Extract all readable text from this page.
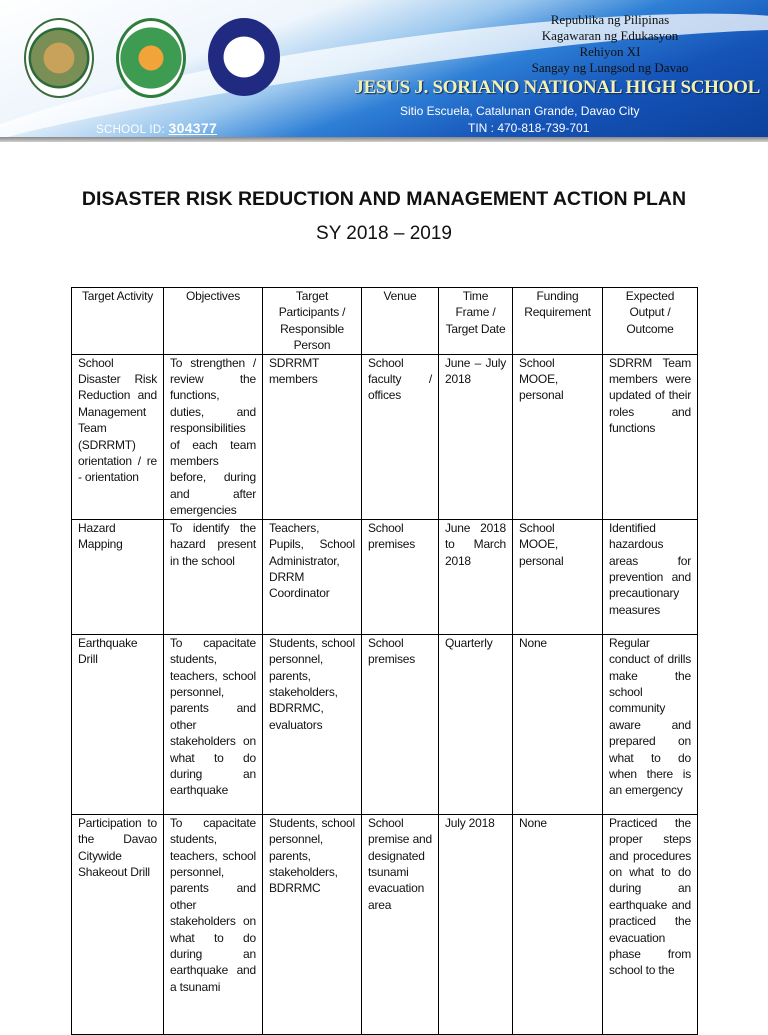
Republika ng Pilipinas
Kagawaran ng Edukasyon
Rehiyon XI
Sangay ng Lungsod ng Davao
JESUS J. SORIANO NATIONAL HIGH SCHOOL
Sitio Escuela, Catalunan Grande, Davao City
SCHOOL ID: 304377	TIN : 470-818-739-701
DISASTER RISK REDUCTION AND MANAGEMENT ACTION PLAN
SY 2018 – 2019
Target Activity	Objectives	Target Participants / Responsible Person	Venue	Time Frame / Target Date	Funding Requirement	Expected Output / Outcome
School Disaster Risk Reduction and Management Team (SDRRMT) orientation / re - orientation	To strengthen / review the functions, duties, and responsibilities of each team members before, during and after emergencies	SDRRMT members	School faculty / offices	June – July 2018	School MOOE, personal	SDRRM Team members were updated of their roles and functions
Hazard Mapping	To identify the hazard present in the school	Teachers, Pupils, School Administrator, DRRM Coordinator	School premises	June 2018 to March 2018	School MOOE, personal	Identified hazardous areas for prevention and precautionary measures
Earthquake Drill	To capacitate students, teachers, school personnel, parents and other stakeholders on what to do during an earthquake	Students, school personnel, parents, stakeholders, BDRRMC, evaluators	School premises	Quarterly	None	Regular conduct of drills make the school community aware and prepared on what to do when there is an emergency
Participation to the Davao Citywide Shakeout Drill	To capacitate students, teachers, school personnel, parents and other stakeholders on what to do during an earthquake and a tsunami	Students, school personnel, parents, stakeholders, BDRRMC	School premise and designated tsunami evacuation area	July 2018	None	Practiced the proper steps and procedures on what to do during an earthquake and practiced the evacuation phase from school to the
